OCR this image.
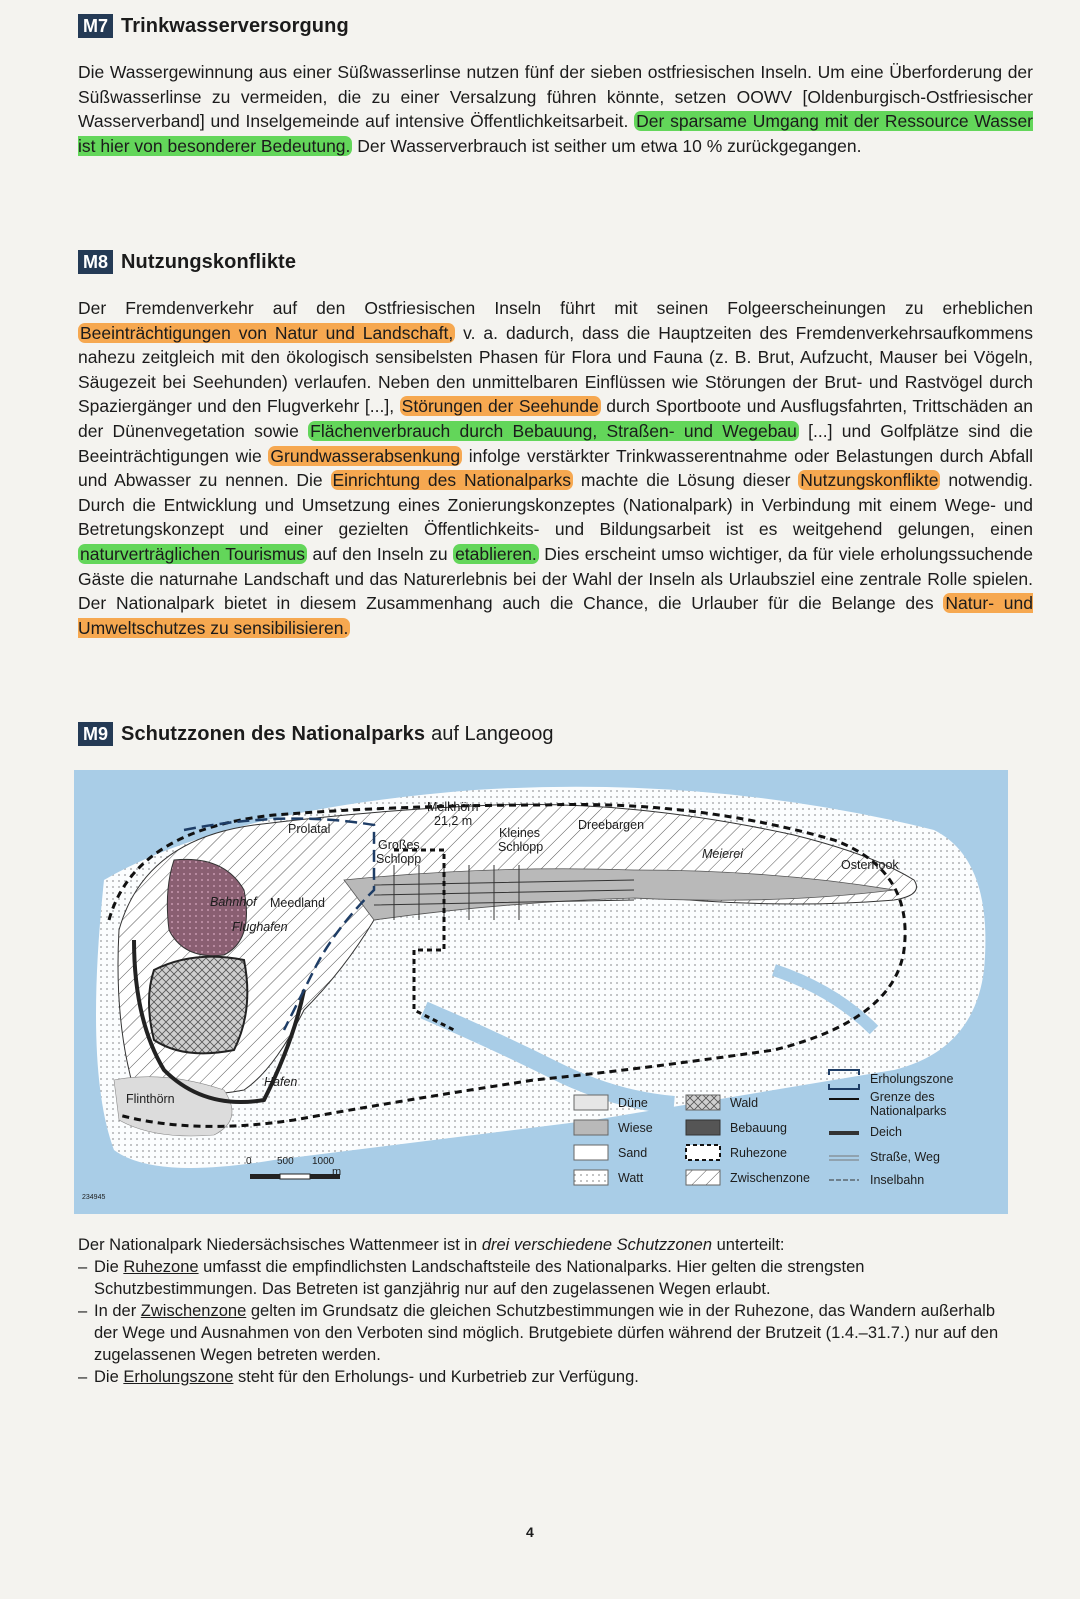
M7 Trinkwasserversorgung
Die Wassergewinnung aus einer Süßwasserlinse nutzen fünf der sieben ostfriesischen Inseln. Um eine Überforderung der Süßwasserlinse zu vermeiden, die zu einer Versalzung führen könnte, setzen OOWV [Oldenburgisch-Ostfriesischer Wasserverband] und Inselgemeinde auf intensive Öffentlichkeitsarbeit. Der sparsame Umgang mit der Ressource Wasser ist hier von besonderer Bedeutung. Der Wasserverbrauch ist seither um etwa 10 % zurückgegangen.
M8 Nutzungskonflikte
Der Fremdenverkehr auf den Ostfriesischen Inseln führt mit seinen Folgeerscheinungen zu erheblichen Beeinträchtigungen von Natur und Landschaft, v. a. dadurch, dass die Hauptzeiten des Fremdenverkehrsaufkommens nahezu zeitgleich mit den ökologisch sensibelsten Phasen für Flora und Fauna (z. B. Brut, Aufzucht, Mauser bei Vögeln, Säugezeit bei Seehunden) verlaufen. Neben den unmittelbaren Einflüssen wie Störungen der Brut- und Rastvögel durch Spaziergänger und den Flugverkehr [...], Störungen der Seehunde durch Sportboote und Ausflugsfahrten, Trittschäden an der Dünenvegetation sowie Flächenverbrauch durch Bebauung, Straßen- und Wegebau [...] und Golfplätze sind die Beeinträchtigungen wie Grundwasserabsenkung infolge verstärkter Trinkwasserentnahme oder Belastungen durch Abfall und Abwasser zu nennen. Die Einrichtung des Nationalparks machte die Lösung dieser Nutzungskonflikte notwendig. Durch die Entwicklung und Umsetzung eines Zonierungskonzeptes (Nationalpark) in Verbindung mit einem Wege- und Betretungskonzept und einer gezielten Öffentlichkeits- und Bildungsarbeit ist es weitgehend gelungen, einen naturverträglichen Tourismus auf den Inseln zu etablieren. Dies erscheint umso wichtiger, da für viele erholungssuchende Gäste die naturnahe Landschaft und das Naturerlebnis bei der Wahl der Inseln als Urlaubsziel eine zentrale Rolle spielen. Der Nationalpark bietet in diesem Zusammenhang auch die Chance, die Urlauber für die Belange des Natur- und Umweltschutzes zu sensibilisieren.
M9 Schutzzonen des Nationalparks auf Langeoog
Melkhörn
21,2 m
Prolatal	Kleines
Schlopp
Großes
Schlopp
Dreebargen
Meierei
Osterhook
Bahnhof Meedland
Flughafen
Hafen
Flinthörn
0	500 1000
m
234945
Düne
Wiese
Sand
Watt
Wald
Bebauung
Ruhezone
Zwischenzone
Erholungszone
Grenze des
Nationalparks
Deich
Straße, Weg
Inselbahn

Der Nationalpark Niedersächsisches Wattenmeer ist in drei verschiedene Schutzzonen unterteilt:

– Die Ruhezone umfasst die empfindlichsten Landschaftsteile des Nationalparks. Hier gelten die strengsten Schutzbestimmungen. Das Betreten ist ganzjährig nur auf den zugelassenen Wegen erlaubt.

– In der Zwischenzone gelten im Grundsatz die gleichen Schutzbestimmungen wie in der Ruhezone, das Wandern außerhalb der Wege und Ausnahmen von den Verboten sind möglich. Brutgebiete dürfen während der Brutzeit (1.4.–31.7.) nur auf den zugelassenen Wegen betreten werden.

– Die Erholungszone steht für den Erholungs- und Kurbetrieb zur Verfügung.

4
